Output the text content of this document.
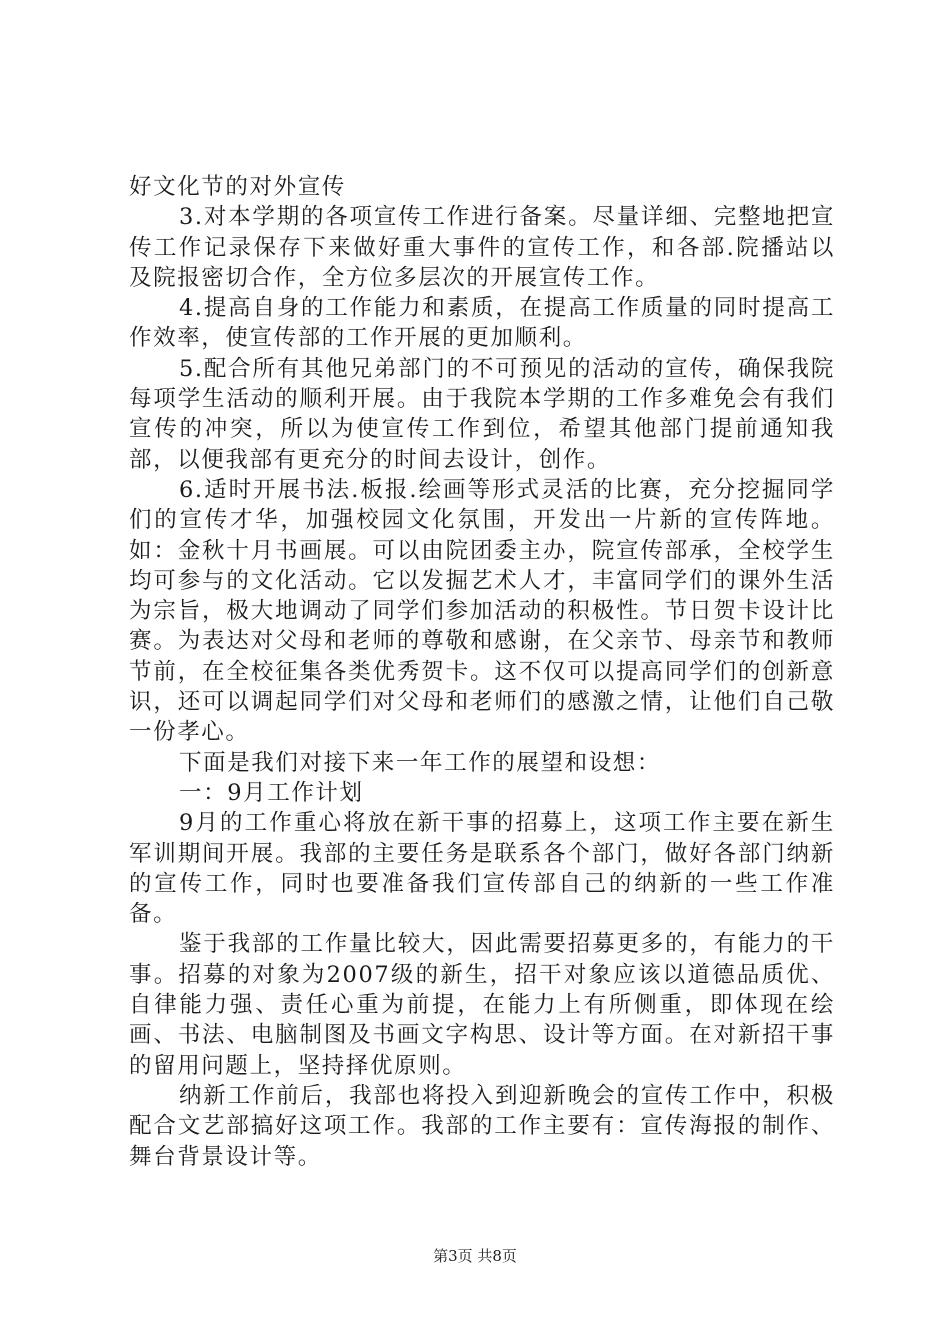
好文化节的对外宣传

3.对本学期的各项宣传工作进行备案。尽量详细、完整地把宣传工作记录保存下来做好重大事件的宣传工作，和各部.院播站以及院报密切合作，全方位多层次的开展宣传工作。

4.提高自身的工作能力和素质，在提高工作质量的同时提高工作效率，使宣传部的工作开展的更加顺利。

5.配合所有其他兄弟部门的不可预见的活动的宣传，确保我院每项学生活动的顺利开展。由于我院本学期的工作多难免会有我们宣传的冲突，所以为使宣传工作到位，希望其他部门提前通知我部，以便我部有更充分的时间去设计，创作。

6.适时开展书法.板报.绘画等形式灵活的比赛，充分挖掘同学们的宣传才华，加强校园文化氛围，开发出一片新的宣传阵地。如：金秋十月书画展。可以由院团委主办，院宣传部承，全校学生均可参与的文化活动。它以发掘艺术人才，丰富同学们的课外生活为宗旨，极大地调动了同学们参加活动的积极性。节日贺卡设计比赛。为表达对父母和老师的尊敬和感谢，在父亲节、母亲节和教师节前，在全校征集各类优秀贺卡。这不仅可以提高同学们的创新意识，还可以调起同学们对父母和老师们的感激之情，让他们自己敬一份孝心。

下面是我们对接下来一年工作的展望和设想：

一：9月工作计划

9月的工作重心将放在新干事的招募上，这项工作主要在新生军训期间开展。我部的主要任务是联系各个部门，做好各部门纳新的宣传工作，同时也要准备我们宣传部自己的纳新的一些工作准备。

鉴于我部的工作量比较大，因此需要招募更多的，有能力的干事。招募的对象为2007级的新生，招干对象应该以道德品质优、自律能力强、责任心重为前提，在能力上有所侧重，即体现在绘画、书法、电脑制图及书画文字构思、设计等方面。在对新招干事的留用问题上，坚持择优原则。

纳新工作前后，我部也将投入到迎新晚会的宣传工作中，积极配合文艺部搞好这项工作。我部的工作主要有：宣传海报的制作、舞台背景设计等。

第3页 共8页
